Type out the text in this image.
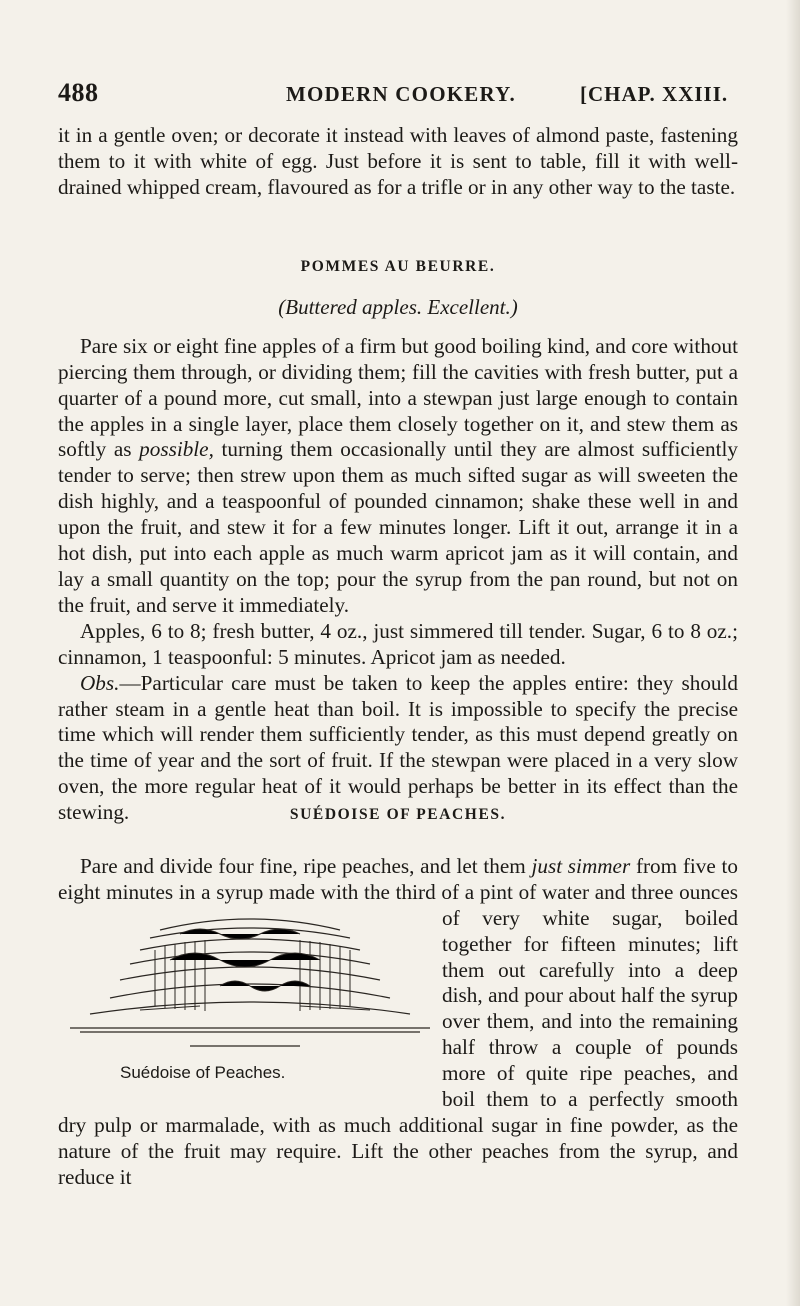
488	MODERN COOKERY.	[CHAP. XXIII.

it in a gentle oven; or decorate it instead with leaves of almond paste, fastening them to it with white of egg. Just before it is sent to table, fill it with well-drained whipped cream, flavoured as for a trifle or in any other way to the taste.

POMMES AU BEURRE.
(Buttered apples. Excellent.)

Pare six or eight fine apples of a firm but good boiling kind, and core without piercing them through, or dividing them; fill the cavities with fresh butter, put a quarter of a pound more, cut small, into a stewpan just large enough to contain the apples in a single layer, place them closely together on it, and stew them as softly as possible, turning them occasionally until they are almost sufficiently tender to serve; then strew upon them as much sifted sugar as will sweeten the dish highly, and a teaspoonful of pounded cinnamon; shake these well in and upon the fruit, and stew it for a few minutes longer. Lift it out, arrange it in a hot dish, put into each apple as much warm apricot jam as it will contain, and lay a small quantity on the top; pour the syrup from the pan round, but not on the fruit, and serve it immediately.

Apples, 6 to 8; fresh butter, 4 oz., just simmered till tender. Sugar, 6 to 8 oz.; cinnamon, 1 teaspoonful: 5 minutes. Apricot jam as needed.

Obs.—Particular care must be taken to keep the apples entire: they should rather steam in a gentle heat than boil. It is impossible to specify the precise time which will render them sufficiently tender, as this must depend greatly on the time of year and the sort of fruit. If the stewpan were placed in a very slow oven, the more regular heat of it would perhaps be better in its effect than the stewing.	SUÉDOISE OF PEACHES.

Pare and divide four fine, ripe peaches, and let them just simmer from five to eight minutes in a syrup made with the third of a pint
Suédoise of Peaches.
of water and three ounces of very white sugar, boiled together for fifteen minutes; lift them out carefully into a deep dish, and pour about half the syrup over them, and into the remaining half throw a couple of pounds more of quite ripe peaches, and boil them to a perfectly smooth dry pulp or marmalade, with as much additional sugar in fine powder, as the nature of the fruit may require. Lift the other peaches from the syrup, and reduce it
